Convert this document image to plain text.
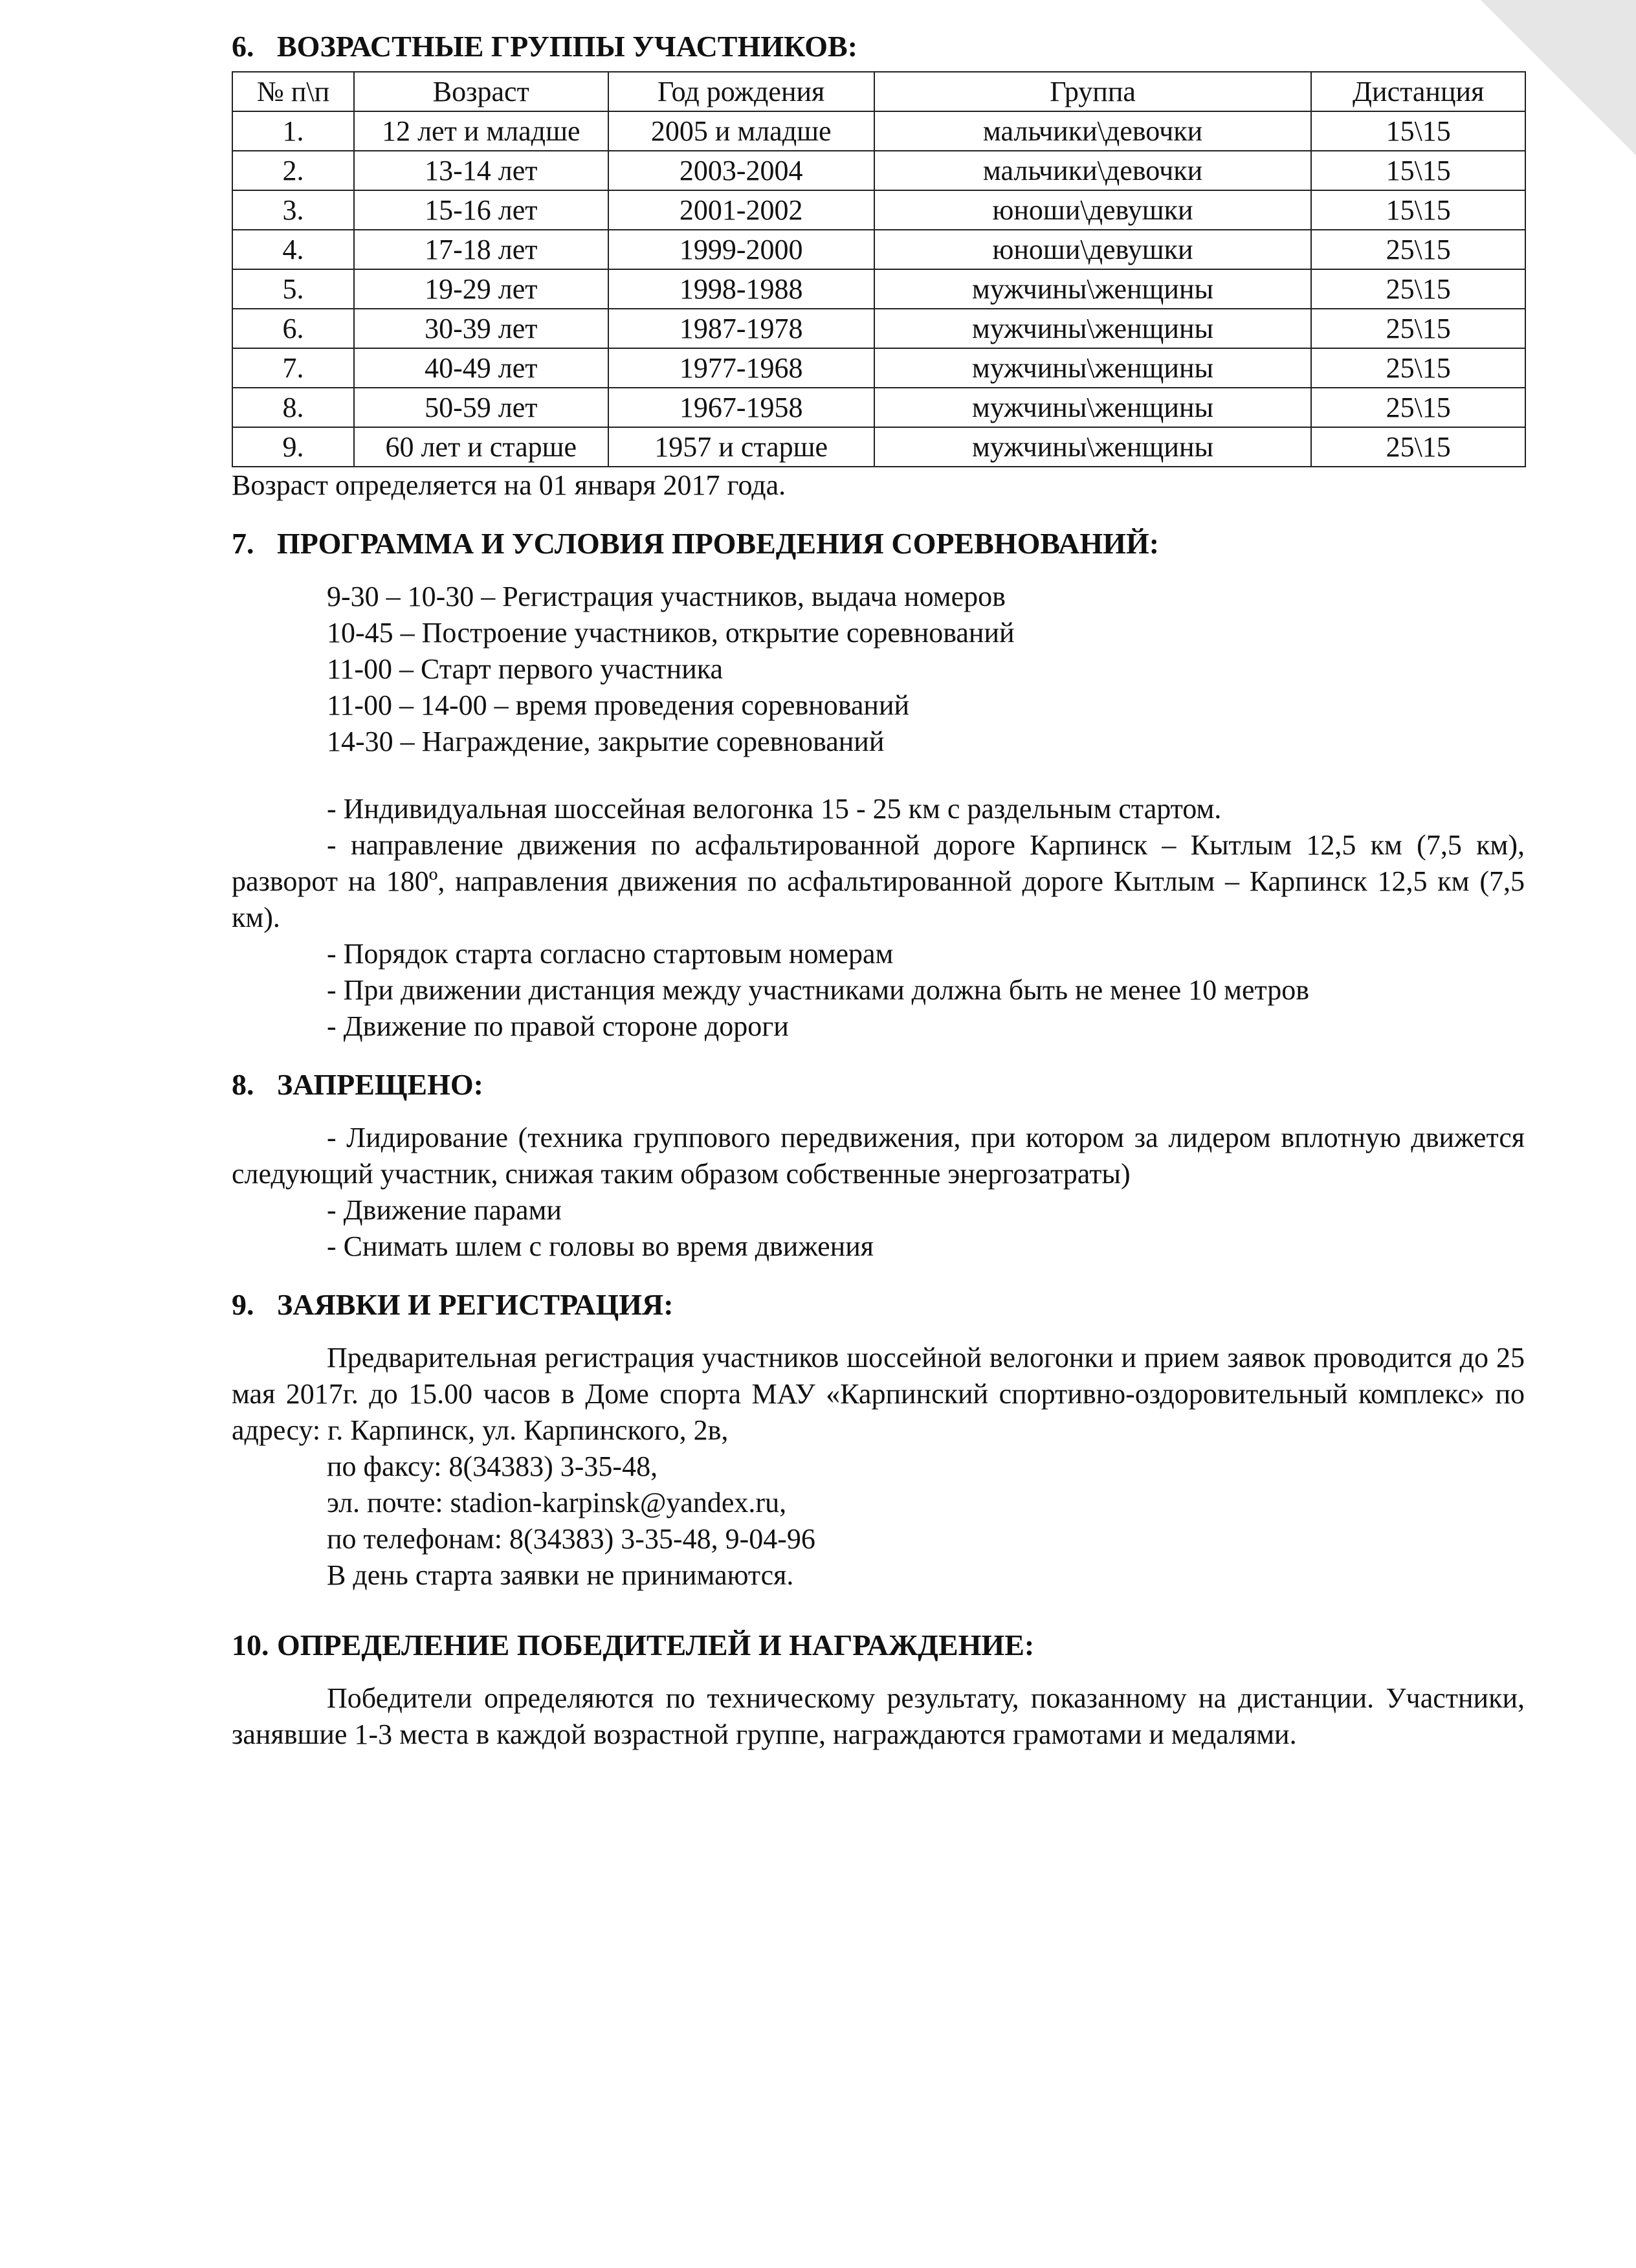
6. ВОЗРАСТНЫЕ ГРУППЫ УЧАСТНИКОВ:
№ п\п	Возраст	Год рождения	Группа	Дистанция
1.	12 лет и младше	2005 и младше	мальчики\девочки	15\15
2.	13-14 лет	2003-2004	мальчики\девочки	15\15
3.	15-16 лет	2001-2002	юноши\девушки	15\15
4.	17-18 лет	1999-2000	юноши\девушки	25\15
5.	19-29 лет	1998-1988	мужчины\женщины	25\15
6.	30-39 лет	1987-1978	мужчины\женщины	25\15
7.	40-49 лет	1977-1968	мужчины\женщины	25\15
8.	50-59 лет	1967-1958	мужчины\женщины	25\15
9.	60 лет и старше	1957 и старше	мужчины\женщины	25\15

Возраст определяется на 01 января 2017 года.

7. ПРОГРАММА И УСЛОВИЯ ПРОВЕДЕНИЯ СОРЕВНОВАНИЙ:

9-30 – 10-30 – Регистрация участников, выдача номеров

10-45 – Построение участников, открытие соревнований

11-00 – Старт первого участника

11-00 – 14-00 – время проведения соревнований

14-30 – Награждение, закрытие соревнований

- Индивидуальная шоссейная велогонка 15 - 25 км с раздельным стартом.

- направление движения по асфальтированной дороге Карпинск – Кытлым 12,5 км (7,5 км), разворот на 180º, направления движения по асфальтированной дороге Кытлым – Карпинск 12,5 км (7,5 км).

- Порядок старта согласно стартовым номерам

- При движении дистанция между участниками должна быть не менее 10 метров

- Движение по правой стороне дороги

8. ЗАПРЕЩЕНО:

- Лидирование (техника группового передвижения, при котором за лидером вплотную движется следующий участник, снижая таким образом собственные энергозатраты)

- Движение парами

- Снимать шлем с головы во время движения

9. ЗАЯВКИ И РЕГИСТРАЦИЯ:

Предварительная регистрация участников шоссейной велогонки и прием заявок проводится до 25 мая 2017г. до 15.00 часов в Доме спорта МАУ «Карпинский спортивно-оздоровительный комплекс» по адресу: г. Карпинск, ул. Карпинского, 2в,

по факсу: 8(34383) 3-35-48,

эл. почте: stadion-karpinsk@yandex.ru,

по телефонам: 8(34383) 3-35-48, 9-04-96

В день старта заявки не принимаются.

10. ОПРЕДЕЛЕНИЕ ПОБЕДИТЕЛЕЙ И НАГРАЖДЕНИЕ:

Победители определяются по техническому результату, показанному на дистанции. Участники, занявшие 1-3 места в каждой возрастной группе, награждаются грамотами и медалями.
